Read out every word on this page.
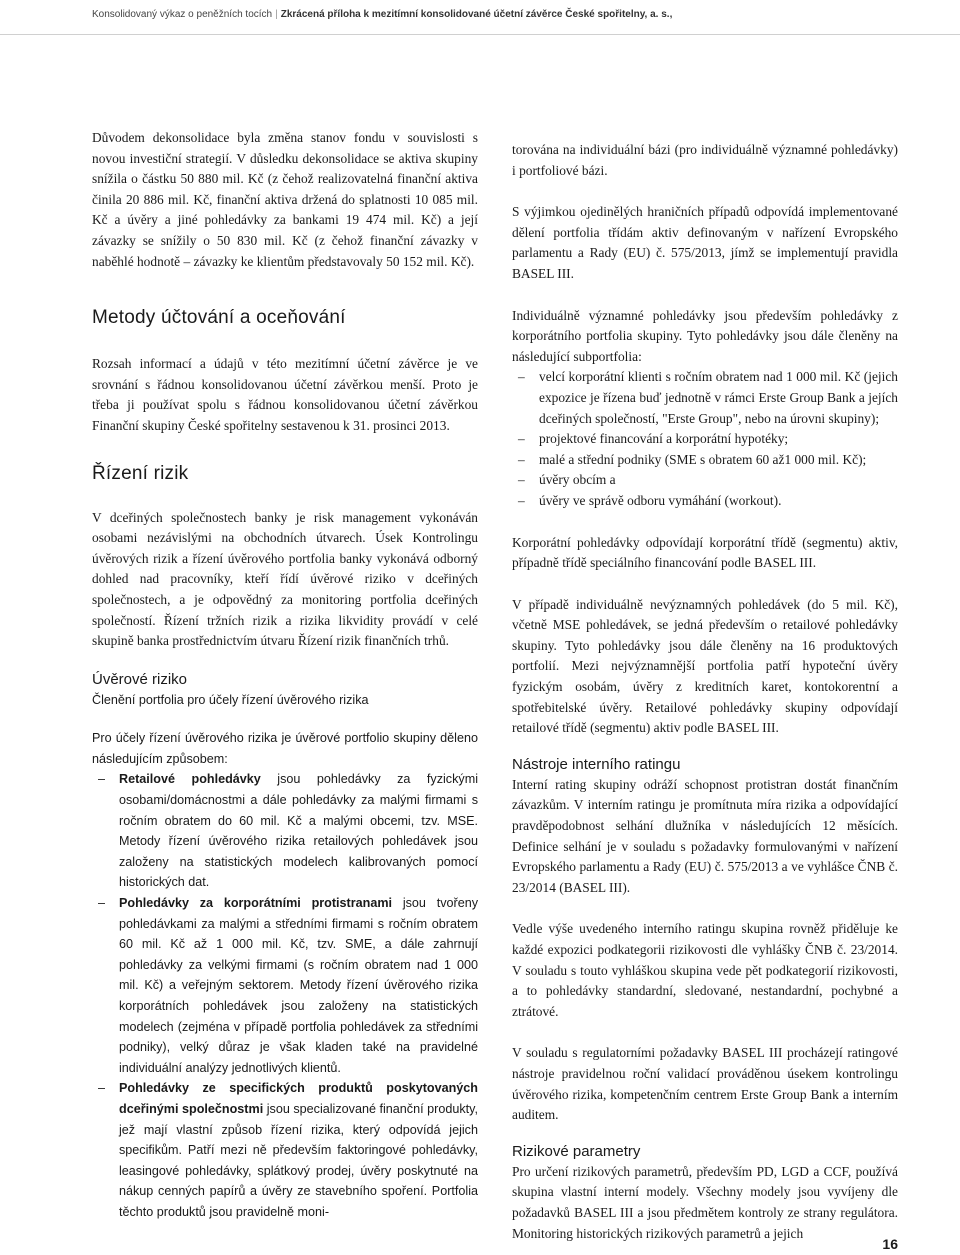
Konsolidovaný výkaz o peněžních tocích | Zkrácená příloha k mezitímní konsolidované účetní závěrce České spořitelny, a. s.,

Důvodem dekonsolidace byla změna stanov fondu v souvislosti s novou investiční strategií. V důsledku dekonsolidace se aktiva skupiny snížila o částku 50 880 mil. Kč (z čehož realizovatelná finanční aktiva činila 20 886 mil. Kč, finanční aktiva držená do splatnosti 10 085 mil. Kč a úvěry a jiné pohledávky za bankami 19 474 mil. Kč) a její závazky se snížily o 50 830 mil. Kč (z čehož finanční závazky v naběhlé hodnotě – závazky ke klientům představovaly 50 152 mil. Kč).

Metody účtování a oceňování

Rozsah informací a údajů v této mezitímní účetní závěrce je ve srovnání s řádnou konsolidovanou účetní závěrkou menší. Proto je třeba ji používat spolu s řádnou konsolidovanou účetní závěrkou Finanční skupiny České spořitelny sestavenou k 31. prosinci 2013.

Řízení rizik

V dceřiných společnostech banky je risk management vykonáván osobami nezávislými na obchodních útvarech. Úsek Kontrolingu úvěrových rizik a řízení úvěrového portfolia banky vykonává odborný dohled nad pracovníky, kteří řídí úvěrové riziko v dceřiných společnostech, a je odpovědný za monitoring portfolia dceřiných společností. Řízení tržních rizik a rizika likvidity provádí v celé skupině banka prostřednictvím útvaru Řízení rizik finančních trhů.

Úvěrové riziko
Členění portfolia pro účely řízení úvěrového rizika

Pro účely řízení úvěrového rizika je úvěrové portfolio skupiny děleno následujícím způsobem:

– Retailové pohledávky jsou pohledávky za fyzickými osobami/domácnostmi a dále pohledávky za malými firmami s ročním obratem do 60 mil. Kč a malými obcemi, tzv. MSE. Metody řízení úvěrového rizika retailových pohledávek jsou založeny na statistických modelech kalibrovaných pomocí historických dat.
– Pohledávky za korporátními protistranami jsou tvořeny pohledávkami za malými a středními firmami s ročním obratem 60 mil. Kč až 1 000 mil. Kč, tzv. SME, a dále zahrnují pohledávky za velkými firmami (s ročním obratem nad 1 000 mil. Kč) a veřejným sektorem. Metody řízení úvěrového rizika korporátních pohledávek jsou založeny na statistických modelech (zejména v případě portfolia pohledávek za středními podniky), velký důraz je však kladen také na pravidelné individuální analýzy jednotlivých klientů.
– Pohledávky ze specifických produktů poskytovaných dceřinými společnostmi jsou specializované finanční produkty, jež mají vlastní způsob řízení rizika, který odpovídá jejich specifikům. Patří mezi ně především faktoringové pohledávky, leasingové pohledávky, splátkový prodej, úvěry poskytnuté na nákup cenných papírů a úvěry ze stavebního spoření. Portfolia těchto produktů jsou pravidelně moni-

torována na individuální bázi (pro individuálně významné pohledávky) i portfoliové bázi.

S výjimkou ojedinělých hraničních případů odpovídá implementované dělení portfolia třídám aktiv definovaným v nařízení Evropského parlamentu a Rady (EU) č. 575/2013, jímž se implementují pravidla BASEL III.

Individuálně významné pohledávky jsou především pohledávky z korporátního portfolia skupiny. Tyto pohledávky jsou dále členěny na následující subportfolia:

– velcí korporátní klienti s ročním obratem nad 1 000 mil. Kč (jejich expozice je řízena buď jednotně v rámci Erste Group Bank a jejích dceřiných společností, "Erste Group", nebo na úrovni skupiny);
– projektové financování a korporátní hypotéky;
– malé a střední podniky (SME s obratem 60 až1 000 mil. Kč);
– úvěry obcím a
– úvěry ve správě odboru vymáhání (workout).

Korporátní pohledávky odpovídají korporátní třídě (segmentu) aktiv, případně třídě speciálního financování podle BASEL III.

V případě individuálně nevýznamných pohledávek (do 5 mil. Kč), včetně MSE pohledávek, se jedná především o retailové pohledávky skupiny. Tyto pohledávky jsou dále členěny na 16 produktových portfolií. Mezi nejvýznamnější portfolia patří hypoteční úvěry fyzickým osobám, úvěry z kreditních karet, kontokorentní a spotřebitelské úvěry. Retailové pohledávky skupiny odpovídají retailové třídě (segmentu) aktiv podle BASEL III.

Nástroje interního ratingu

Interní rating skupiny odráží schopnost protistran dostát finančním závazkům. V interním ratingu je promítnuta míra rizika a odpovídající pravděpodobnost selhání dlužníka v následujících 12 měsících. Definice selhání je v souladu s požadavky formulovanými v nařízení Evropského parlamentu a Rady (EU) č. 575/2013 a ve vyhlášce ČNB č. 23/2014 (BASEL III).

Vedle výše uvedeného interního ratingu skupina rovněž přiděluje ke každé expozici podkategorii rizikovosti dle vyhlášky ČNB č. 23/2014. V souladu s touto vyhláškou skupina vede pět podkategorií rizikovosti, a to pohledávky standardní, sledované, nestandardní, pochybné a ztrátové.

V souladu s regulatorními požadavky BASEL III procházejí ratingové nástroje pravidelnou roční validací prováděnou úsekem kontrolingu úvěrového rizika, kompetenčním centrem Erste Group Bank a interním auditem.

Rizikové parametry

Pro určení rizikových parametrů, především PD, LGD a CCF, používá skupina vlastní interní modely. Všechny modely jsou vyvíjeny dle požadavků BASEL III a jsou předmětem kontroly ze strany regulátora. Monitoring historických rizikových parametrů a jejich

16
